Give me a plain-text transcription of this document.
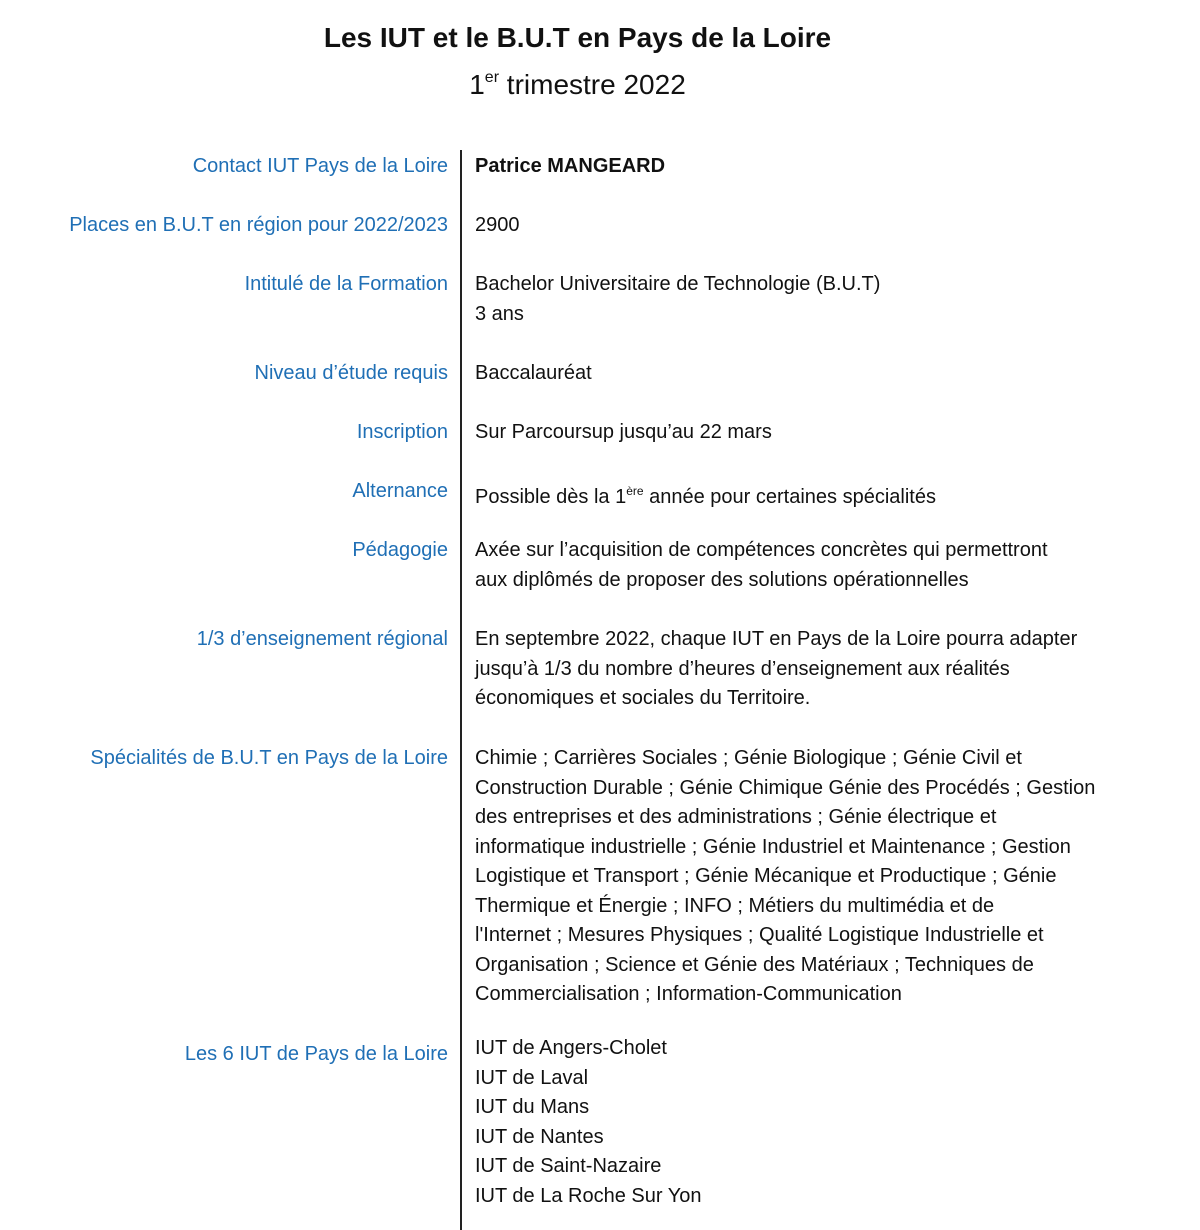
Les IUT et le B.U.T en Pays de la Loire
1er trimestre 2022
Contact IUT Pays de la Loire Patrice MANGEARD
Places en B.U.T en région pour 2022/2023 2900
Intitulé de la Formation Bachelor Universitaire de Technologie (B.U.T)
3 ans
Niveau d’étude requis Baccalauréat
Inscription Sur Parcoursup jusqu’au 22 mars
Alternance Possible dès la 1ère année pour certaines spécialités
Pédagogie Axée sur l’acquisition de compétences concrètes qui permettront
aux diplômés de proposer des solutions opérationnelles
1/3 d’enseignement régional En septembre 2022, chaque IUT en Pays de la Loire pourra adapter
jusqu’à 1/3 du nombre d’heures d’enseignement aux réalités
économiques et sociales du Territoire.
Spécialités de B.U.T en Pays de la Loire Chimie ; Carrières Sociales ; Génie Biologique ; Génie Civil et
Construction Durable ; Génie Chimique Génie des Procédés ; Gestion
des entreprises et des administrations ; Génie électrique et
informatique industrielle ; Génie Industriel et Maintenance ; Gestion
Logistique et Transport ; Génie Mécanique et Productique ; Génie
Thermique et Énergie ; INFO ; Métiers du multimédia et de
l'Internet ; Mesures Physiques ; Qualité Logistique Industrielle et
Organisation ; Science et Génie des Matériaux ; Techniques de
Commercialisation ; Information-Communication
Les 6 IUT de Pays de la Loire IUT de Angers-Cholet
IUT de Laval
IUT du Mans
IUT de Nantes
IUT de Saint-Nazaire
IUT de La Roche Sur Yon
